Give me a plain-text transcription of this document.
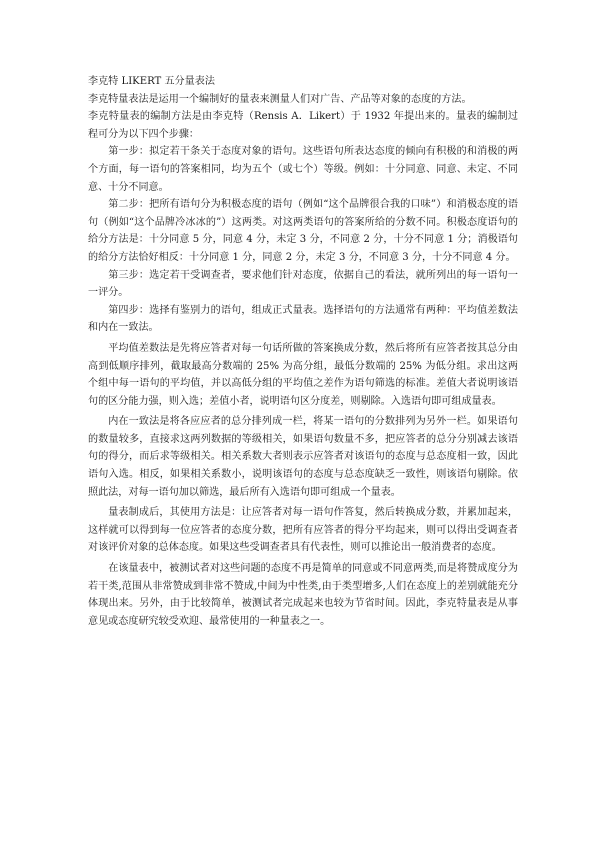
李克特 LIKERT 五分量表法

李克特量表法是运用一个编制好的量表来测量人们对广告、产品等对象的态度的方法。

李克特量表的编制方法是由李克特（Rensis A．Likert）于 1932 年提出来的。量表的编制过程可分为以下四个步骤：

第一步：拟定若干条关于态度对象的语句。这些语句所表达态度的倾向有积极的和消极的两个方面，每一语句的答案相同，均为五个（或七个）等级。例如：十分同意、同意、未定、不同意、十分不同意。

第二步：把所有语句分为积极态度的语句（例如“这个品牌很合我的口味”）和消极态度的语句（例如“这个品牌冷冰冰的”）这两类。对这两类语句的答案所给的分数不同。积极态度语句的给分方法是：十分同意 5 分，同意 4 分，未定 3 分，不同意 2 分，十分不同意 1 分；消极语句的给分方法恰好相反：十分同意 1 分，同意 2 分，未定 3 分，不同意 3 分，十分不同意 4 分。

第三步：选定若干受调查者，要求他们针对态度，依据自己的看法，就所列出的每一语句一一评分。

第四步：选择有鉴别力的语句，组成正式量表。选择语句的方法通常有两种：平均值差数法和内在一致法。

平均值差数法是先将应答者对每一句话所做的答案换成分数，然后将所有应答者按其总分由高到低顺序排列，截取最高分数端的 25% 为高分组，最低分数端的 25% 为低分组。求出这两个组中每一语句的平均值，并以高低分组的平均值之差作为语句筛选的标准。差值大者说明该语句的区分能力强，则入选；差值小者，说明语句区分度差，则剔除。入选语句即可组成量表。

内在一致法是将各应应者的总分排列成一栏，将某一语句的分数排列为另外一栏。如果语句的数量较多，直接求这两列数据的等级相关，如果语句数量不多，把应答者的总分分别减去该语句的得分，而后求等级相关。相关系数大者则表示应答者对该语句的态度与总态度相一致，因此语句入选。相反，如果相关系数小，说明该语句的态度与总态度缺乏一致性，则该语句剔除。依照此法，对每一语句加以筛选，最后所有入选语句即可组成一个量表。

量表制成后，其使用方法是：让应答者对每一语句作答复，然后转换成分数，并累加起来，这样就可以得到每一位应答者的态度分数，把所有应答者的得分平均起来，则可以得出受调查者对该评价对象的总体态度。如果这些受调查者具有代表性，则可以推论出一般消费者的态度。

在该量表中，被测试者对这些问题的态度不再是简单的同意或不同意两类,而是将赞成度分为若干类,范围从非常赞成到非常不赞成,中间为中性类,由于类型增多,人们在态度上的差别就能充分体现出来。另外，由于比较简单，被测试者完成起来也较为节省时间。因此，李克特量表是从事意见或态度研究较受欢迎、最常使用的一种量表之一。
